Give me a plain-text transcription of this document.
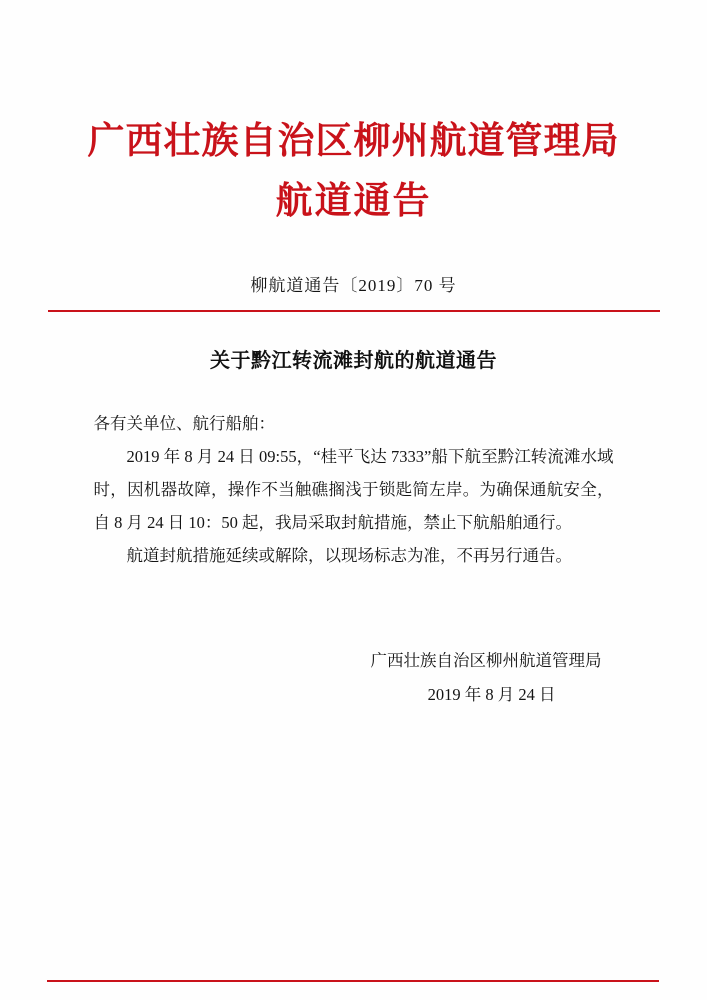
广西壮族自治区柳州航道管理局
航道通告
柳航道通告〔2019〕70 号
关于黔江转流滩封航的航道通告

各有关单位、航行船舶：

2019 年 8 月 24 日 09:55，“桂平飞达 7333”船下航至黔江转流滩水域时，因机器故障，操作不当触礁搁浅于锁匙简左岸。为确保通航安全，自 8 月 24 日 10：50 起，我局采取封航措施，禁止下航船舶通行。

航道封航措施延续或解除，以现场标志为准，不再另行通告。

广西壮族自治区柳州航道管理局
2019 年 8 月 24 日
